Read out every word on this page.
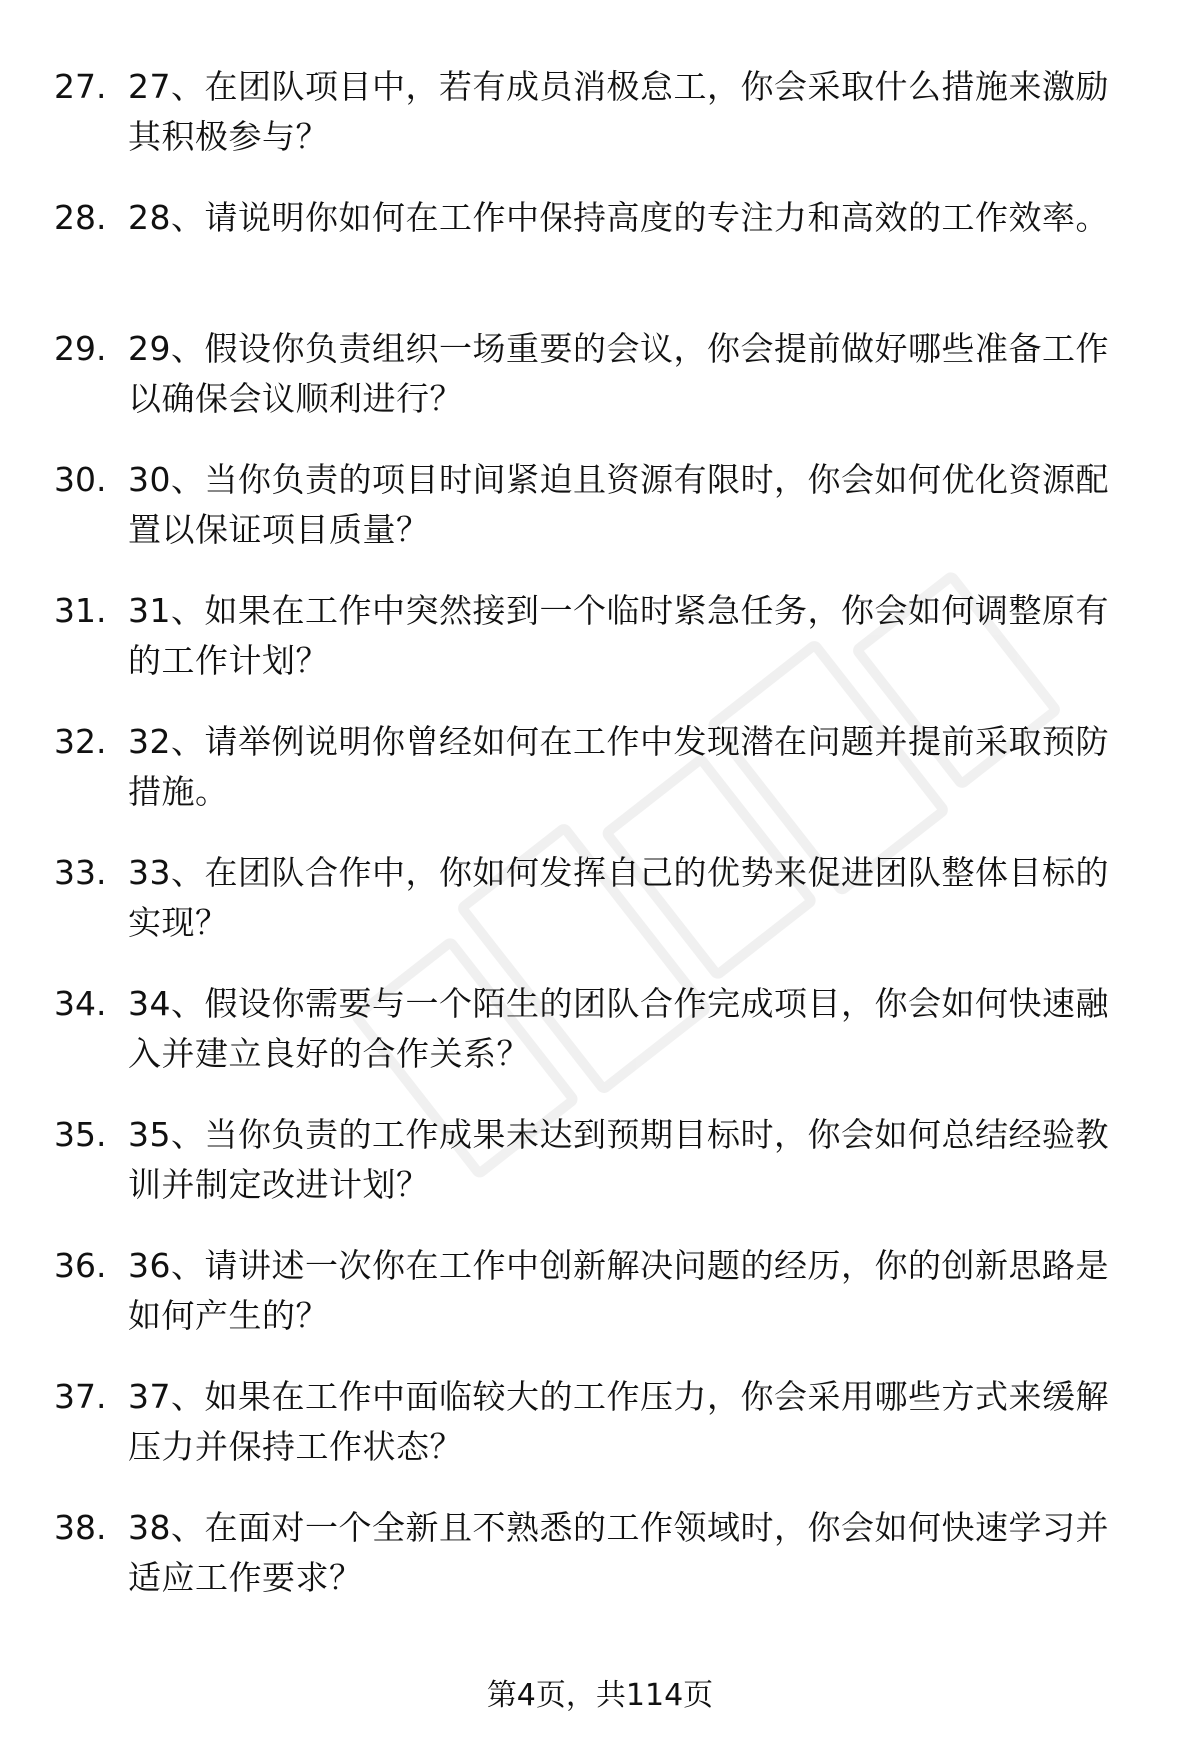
27. 27、在团队项目中，若有成员消极怠工，你会采取什么措施来激励其积极参与？
28. 28、请说明你如何在工作中保持高度的专注力和高效的工作效率。
29. 29、假设你负责组织一场重要的会议，你会提前做好哪些准备工作以确保会议顺利进行？
30. 30、当你负责的项目时间紧迫且资源有限时，你会如何优化资源配置以保证项目质量？
31. 31、如果在工作中突然接到一个临时紧急任务，你会如何调整原有的工作计划？
32. 32、请举例说明你曾经如何在工作中发现潜在问题并提前采取预防措施。
33. 33、在团队合作中，你如何发挥自己的优势来促进团队整体目标的实现？
34. 34、假设你需要与一个陌生的团队合作完成项目，你会如何快速融入并建立良好的合作关系？
35. 35、当你负责的工作成果未达到预期目标时，你会如何总结经验教训并制定改进计划？
36. 36、请讲述一次你在工作中创新解决问题的经历，你的创新思路是如何产生的？
37. 37、如果在工作中面临较大的工作压力，你会采用哪些方式来缓解压力并保持工作状态？
38. 38、在面对一个全新且不熟悉的工作领域时，你会如何快速学习并适应工作要求？
第4页，共114页
